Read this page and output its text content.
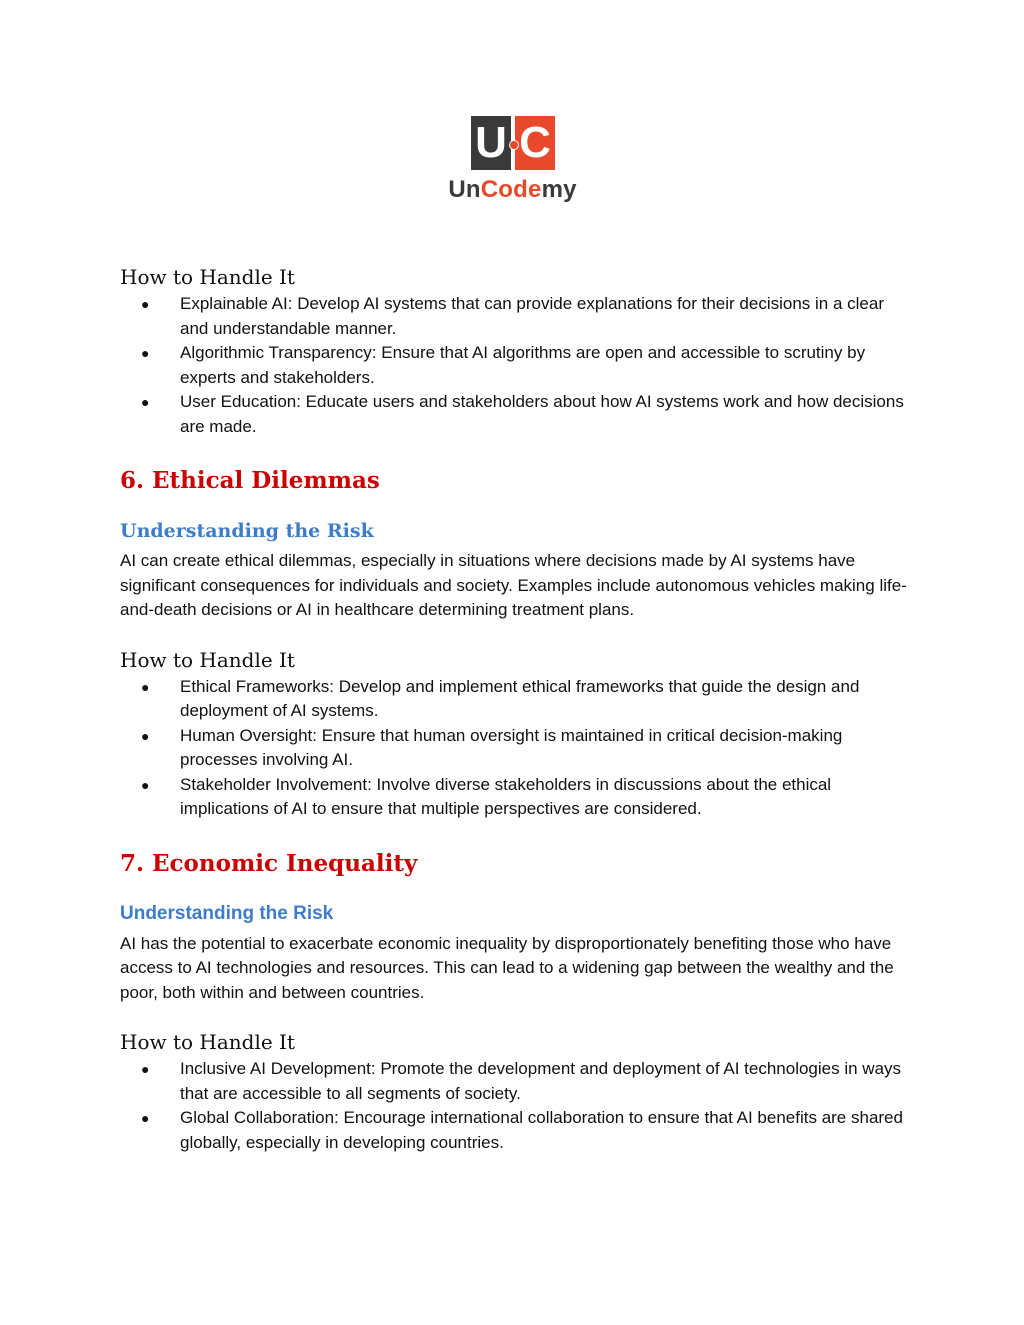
U C
UnCodemy
How to Handle It
● Explainable AI: Develop AI systems that can provide explanations for their decisions in a clear and understandable manner.
● Algorithmic Transparency: Ensure that AI algorithms are open and accessible to scrutiny by experts and stakeholders.
● User Education: Educate users and stakeholders about how AI systems work and how decisions are made.
6. Ethical Dilemmas
Understanding the Risk

AI can create ethical dilemmas, especially in situations where decisions made by AI systems have significant consequences for individuals and society. Examples include autonomous vehicles making life-and-death decisions or AI in healthcare determining treatment plans.

How to Handle It
● Ethical Frameworks: Develop and implement ethical frameworks that guide the design and deployment of AI systems.
● Human Oversight: Ensure that human oversight is maintained in critical decision-making processes involving AI.
● Stakeholder Involvement: Involve diverse stakeholders in discussions about the ethical implications of AI to ensure that multiple perspectives are considered.
7. Economic Inequality
Understanding the Risk

AI has the potential to exacerbate economic inequality by disproportionately benefiting those who have access to AI technologies and resources. This can lead to a widening gap between the wealthy and the poor, both within and between countries.

How to Handle It
● Inclusive AI Development: Promote the development and deployment of AI technologies in ways that are accessible to all segments of society.
● Global Collaboration: Encourage international collaboration to ensure that AI benefits are shared globally, especially in developing countries.
